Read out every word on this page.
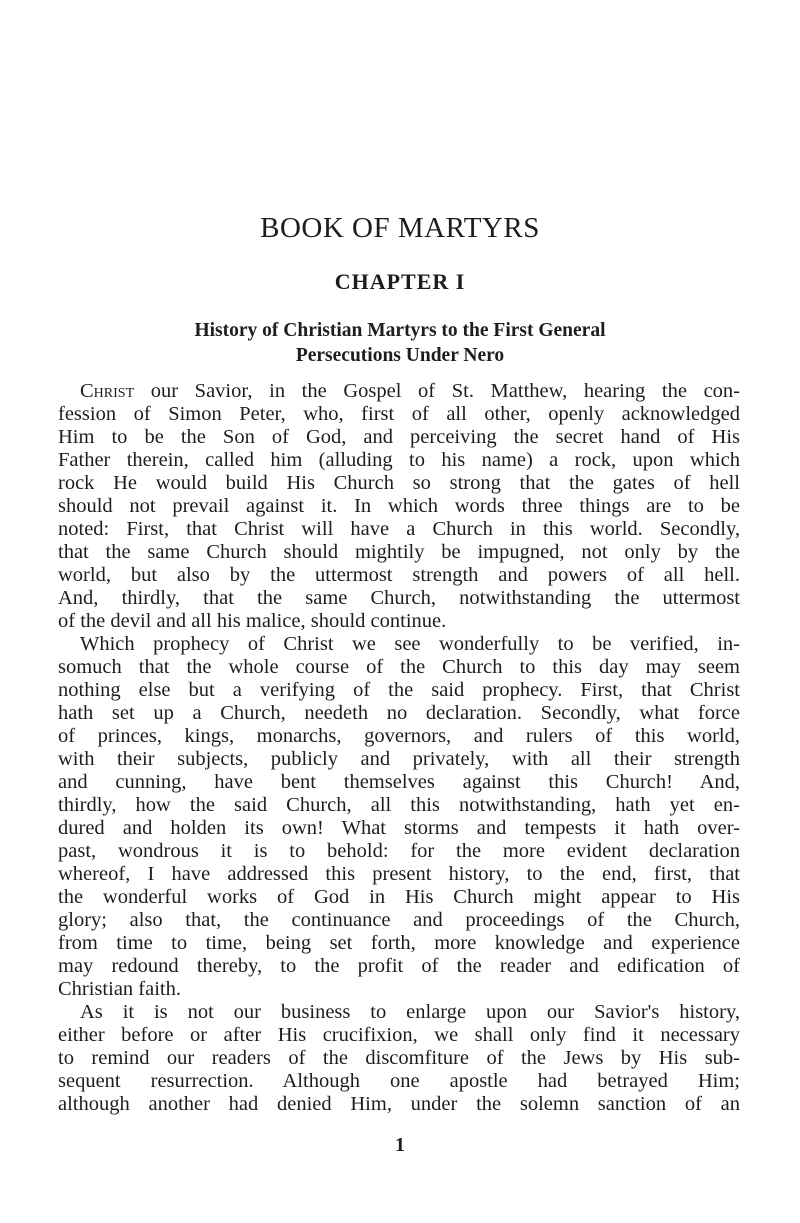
BOOK OF MARTYRS
CHAPTER I
History of Christian Martyrs to the First General
Persecutions Under Nero
Christ our Savior, in the Gospel of St. Matthew, hearing the con-
fession of Simon Peter, who, first of all other, openly acknowledged
Him to be the Son of God, and perceiving the secret hand of His
Father therein, called him (alluding to his name) a rock, upon which
rock He would build His Church so strong that the gates of hell
should not prevail against it. In which words three things are to be
noted: First, that Christ will have a Church in this world. Secondly,
that the same Church should mightily be impugned, not only by the
world, but also by the uttermost strength and powers of all hell.
And, thirdly, that the same Church, notwithstanding the uttermost
of the devil and all his malice, should continue.
Which prophecy of Christ we see wonderfully to be verified, in-
somuch that the whole course of the Church to this day may seem
nothing else but a verifying of the said prophecy. First, that Christ
hath set up a Church, needeth no declaration. Secondly, what force
of princes, kings, monarchs, governors, and rulers of this world,
with their subjects, publicly and privately, with all their strength
and cunning, have bent themselves against this Church! And,
thirdly, how the said Church, all this notwithstanding, hath yet en-
dured and holden its own! What storms and tempests it hath over-
past, wondrous it is to behold: for the more evident declaration
whereof, I have addressed this present history, to the end, first, that
the wonderful works of God in His Church might appear to His
glory; also that, the continuance and proceedings of the Church,
from time to time, being set forth, more knowledge and experience
may redound thereby, to the profit of the reader and edification of
Christian faith.
As it is not our business to enlarge upon our Savior's history,
either before or after His crucifixion, we shall only find it necessary
to remind our readers of the discomfiture of the Jews by His sub-
sequent resurrection. Although one apostle had betrayed Him;
although another had denied Him, under the solemn sanction of an
1
